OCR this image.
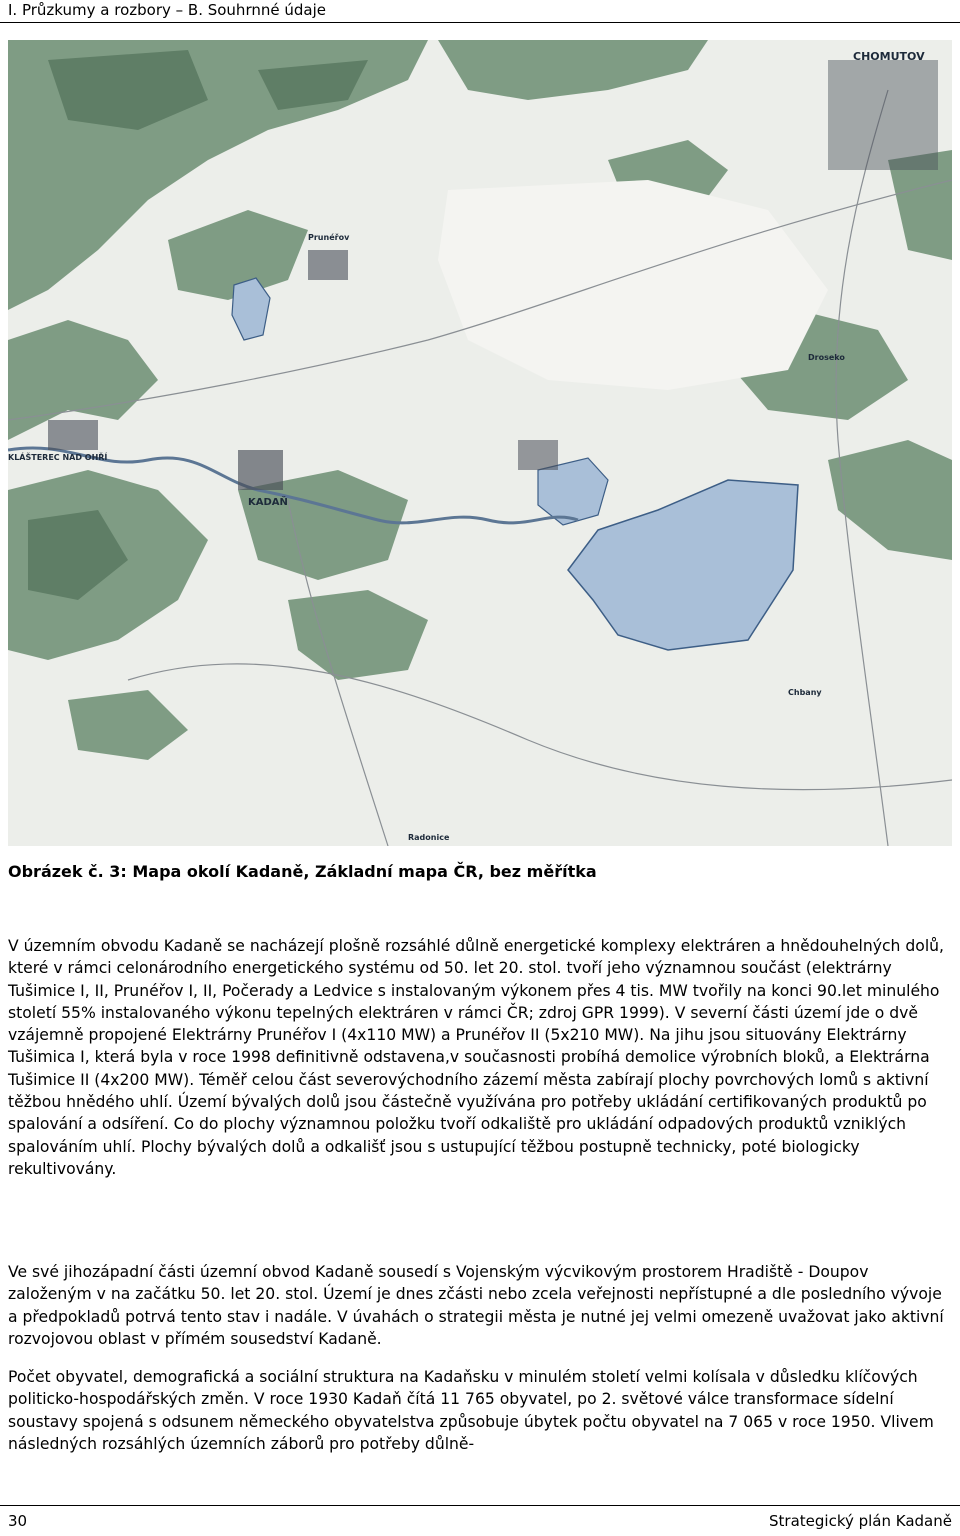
I. Průzkumy a rozbory – B. Souhrnné údaje
CHOMUTOV
KADAŇ
KLÁŠTEREC NAD OHŘÍ
Prunéřov
Droseko
Radonice
Chbany
Obrázek č. 3: Mapa okolí Kadaně, Základní mapa ČR, bez měřítka

V územním obvodu Kadaně se nacházejí plošně rozsáhlé důlně energetické komplexy elektráren a hnědouhelných dolů, které v rámci celonárodního energetického systému od 50. let 20. stol. tvoří jeho významnou součást (elektrárny Tušimice I, II, Prunéřov I, II, Počerady a Ledvice s instalovaným výkonem přes 4 tis. MW tvořily na konci 90.let minulého století 55% instalovaného výkonu tepelných elektráren v rámci ČR; zdroj GPR 1999). V severní části území jde o dvě vzájemně propojené Elektrárny Prunéřov I (4x110 MW) a Prunéřov II (5x210 MW). Na jihu jsou situovány Elektrárny Tušimica I, která byla v roce 1998 definitivně odstavena,v současnosti probíhá demolice výrobních bloků, a Elektrárna Tušimice II (4x200 MW). Téměř celou část severovýchodního zázemí města zabírají plochy povrchových lomů s aktivní těžbou hnědého uhlí. Území bývalých dolů jsou částečně využívána pro potřeby ukládání certifikovaných produktů po spalování a odsíření. Co do plochy významnou položku tvoří odkaliště pro ukládání odpadových produktů vzniklých spalováním uhlí. Plochy bývalých dolů a odkališť jsou s ustupující těžbou postupně technicky, poté biologicky rekultivovány.

Ve své jihozápadní části územní obvod Kadaně sousedí s Vojenským výcvikovým prostorem Hradiště - Doupov založeným v na začátku 50. let 20. stol. Území je dnes zčásti nebo zcela veřejnosti nepřístupné a dle posledního vývoje a předpokladů potrvá tento stav i nadále. V úvahách o strategii města je nutné jej velmi omezeně uvažovat jako aktivní rozvojovou oblast v přímém sousedství Kadaně.

Počet obyvatel, demografická a sociální struktura na Kadaňsku v minulém století velmi kolísala v důsledku klíčových politicko-hospodářských změn. V roce 1930 Kadaň čítá 11 765 obyvatel, po 2. světové válce transformace sídelní soustavy spojená s odsunem německého obyvatelstva způsobuje úbytek počtu obyvatel na 7 065 v roce 1950. Vlivem následných rozsáhlých územních záborů pro potřeby důlně-

30	Strategický plán Kadaně
